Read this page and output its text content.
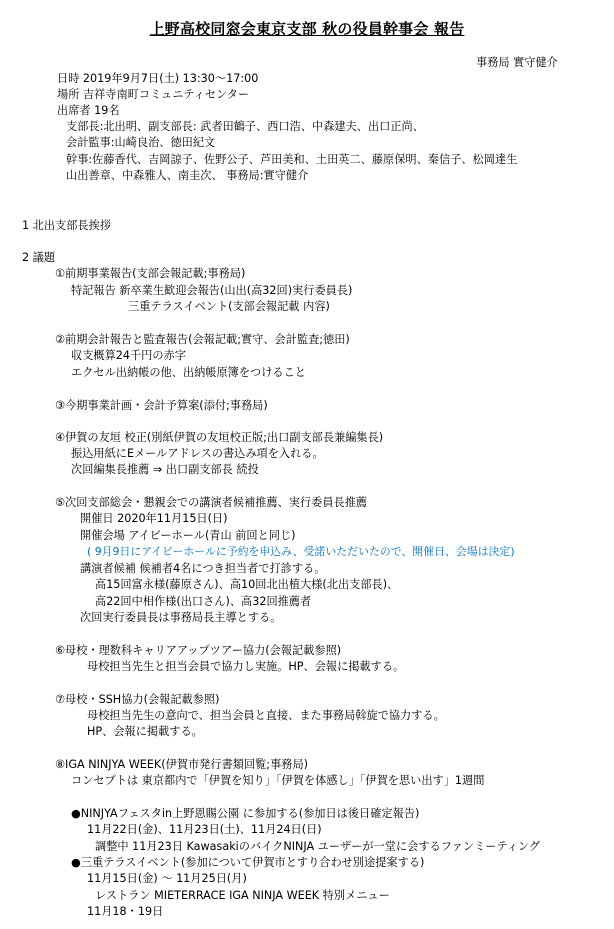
上野高校同窓会東京支部 秋の役員幹事会 報告
事務局 實守健介
日時 2019年9月7日(土) 13:30～17:00
場所 吉祥寺南町コミュニティセンター
出席者 19名
支部長:北出明、副支部長: 武者田鶴子、西口浩、中森建夫、出口正尚、
会計監事:山崎良治、徳田紀文
幹事:佐藤香代、吉岡諒子、佐野公子、芦田美和、土田英二、藤原保明、秦信子、松岡達生
山出善章、中森雅人、南圭次、 事務局:實守健介
1 北出支部長挨拶
2 議題
①前期事業報告(支部会報記載;事務局)
特記報告 新卒業生歓迎会報告(山出(高32回)実行委員長)
三重テラスイベント(支部会報記載 内容)
②前期会計報告と監査報告(会報記載;實守、会計監査;徳田)
収支概算24千円の赤字
エクセル出納帳の他、出納帳原簿をつけること
③今期事業計画・会計予算案(添付;事務局)
④伊賀の友垣 校正(別紙伊賀の友垣校正版;出口副支部長兼編集長)
振込用紙にEメールアドレスの書込み項を入れる。
次回編集長推薦 ⇒ 出口副支部長 続投
⑤次回支部総会・懇親会での講演者候補推薦、実行委員長推薦
開催日 2020年11月15日(日)
開催会場 アイビーホール(青山 前回と同じ)
( 9月9日にアイビーホールに予約を申込み、受諾いただいたので、開催日、会場は決定)
講演者候補 候補者4名につき担当者で打診する。
高15回富永様(藤原さん)、高10回北出植大様(北出支部長)、
高22回中相作様(出口さん)、高32回推薦者
次回実行委員長は事務局長主導とする。
⑥母校・理数科キャリアアップツアー協力(会報記載参照)
母校担当先生と担当会員で協力し実施。HP、会報に掲載する。
⑦母校・SSH協力(会報記載参照)
母校担当先生の意向で、担当会員と直接、また事務局斡旋で協力する。
HP、会報に掲載する。
⑧IGA NINJYA WEEK(伊賀市発行書類回覧;事務局)
コンセプトは 東京都内で「伊賀を知り」「伊賀を体感し」「伊賀を思い出す」1週間
●NINJYAフェスタin上野恩賜公園 に参加する(参加日は後日確定報告)
11月22日(金)、11月23日(土)、11月24日(日)
調整中 11月23日 KawasakiのバイクNINJA ユーザーが一堂に会するファンミーティング
●三重テラスイベント(参加について伊賀市とすり合わせ別途提案する)
11月15日(金) ～ 11月25日(月)
レストラン MIETERRACE IGA NINJA WEEK 特別メニュー
11月18・19日
